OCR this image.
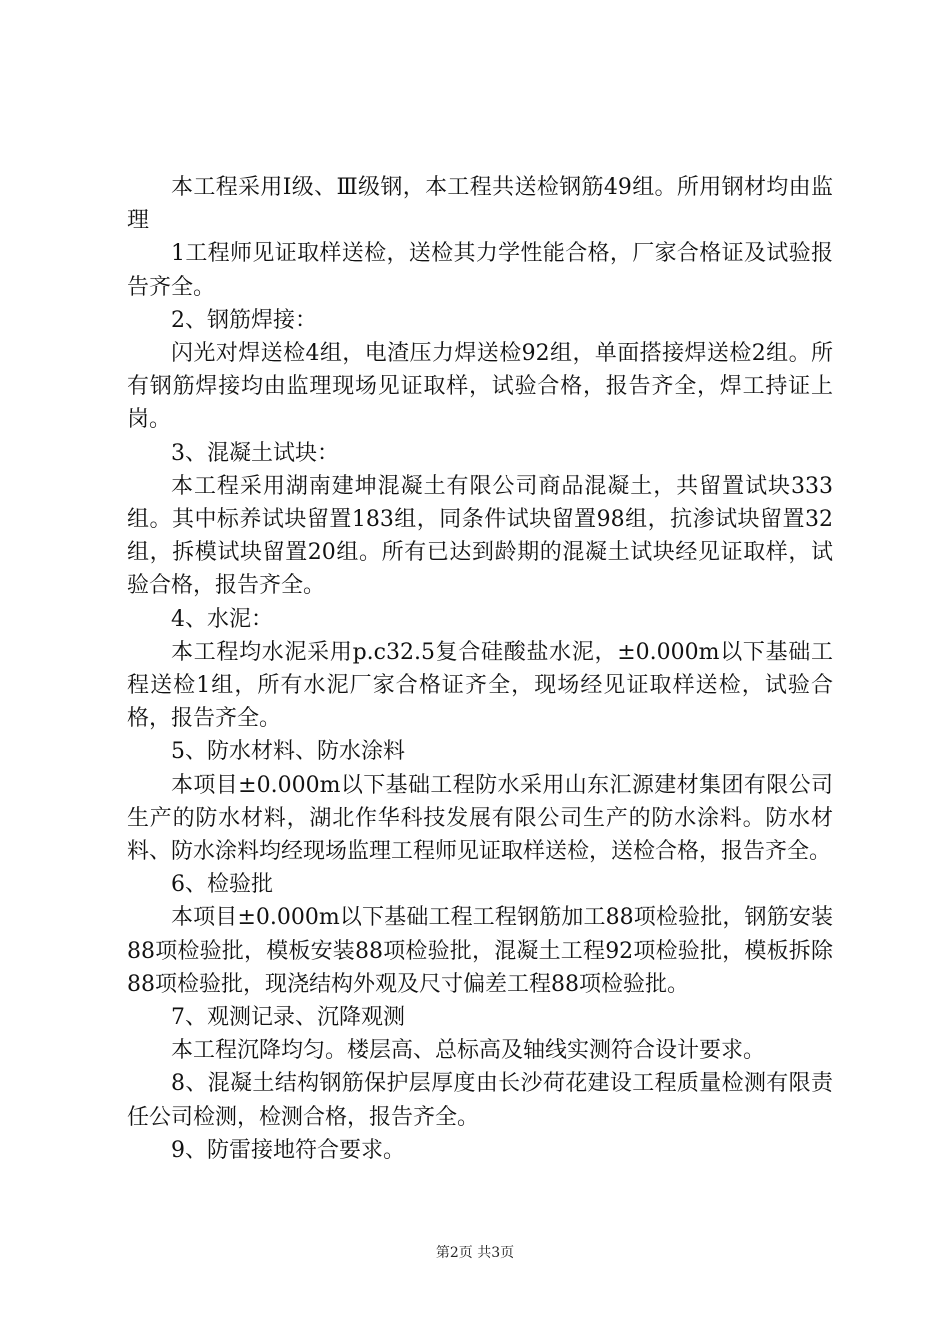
本工程采用Ⅰ级、Ⅲ级钢，本工程共送检钢筋49组。所用钢材均由监理

1工程师见证取样送检，送检其力学性能合格，厂家合格证及试验报告齐全。

2、钢筋焊接：

闪光对焊送检4组，电渣压力焊送检92组，单面搭接焊送检2组。所有钢筋焊接均由监理现场见证取样，试验合格，报告齐全，焊工持证上岗。

3、混凝土试块：

本工程采用湖南建坤混凝土有限公司商品混凝土，共留置试块333组。其中标养试块留置183组，同条件试块留置98组，抗渗试块留置32组，拆模试块留置20组。所有已达到龄期的混凝土试块经见证取样，试验合格，报告齐全。

4、水泥：

本工程均水泥采用p.c32.5复合硅酸盐水泥，±0.000m以下基础工程送检1组，所有水泥厂家合格证齐全，现场经见证取样送检，试验合格，报告齐全。

5、防水材料、防水涂料

本项目±0.000m以下基础工程防水采用山东汇源建材集团有限公司生产的防水材料，湖北作华科技发展有限公司生产的防水涂料。防水材料、防水涂料均经现场监理工程师见证取样送检，送检合格，报告齐全。

6、检验批

本项目±0.000m以下基础工程工程钢筋加工88项检验批，钢筋安装88项检验批，模板安装88项检验批，混凝土工程92项检验批，模板拆除88项检验批，现浇结构外观及尺寸偏差工程88项检验批。

7、观测记录、沉降观测

本工程沉降均匀。楼层高、总标高及轴线实测符合设计要求。

8、混凝土结构钢筋保护层厚度由长沙荷花建设工程质量检测有限责任公司检测，检测合格，报告齐全。

9、防雷接地符合要求。

第2页 共3页
